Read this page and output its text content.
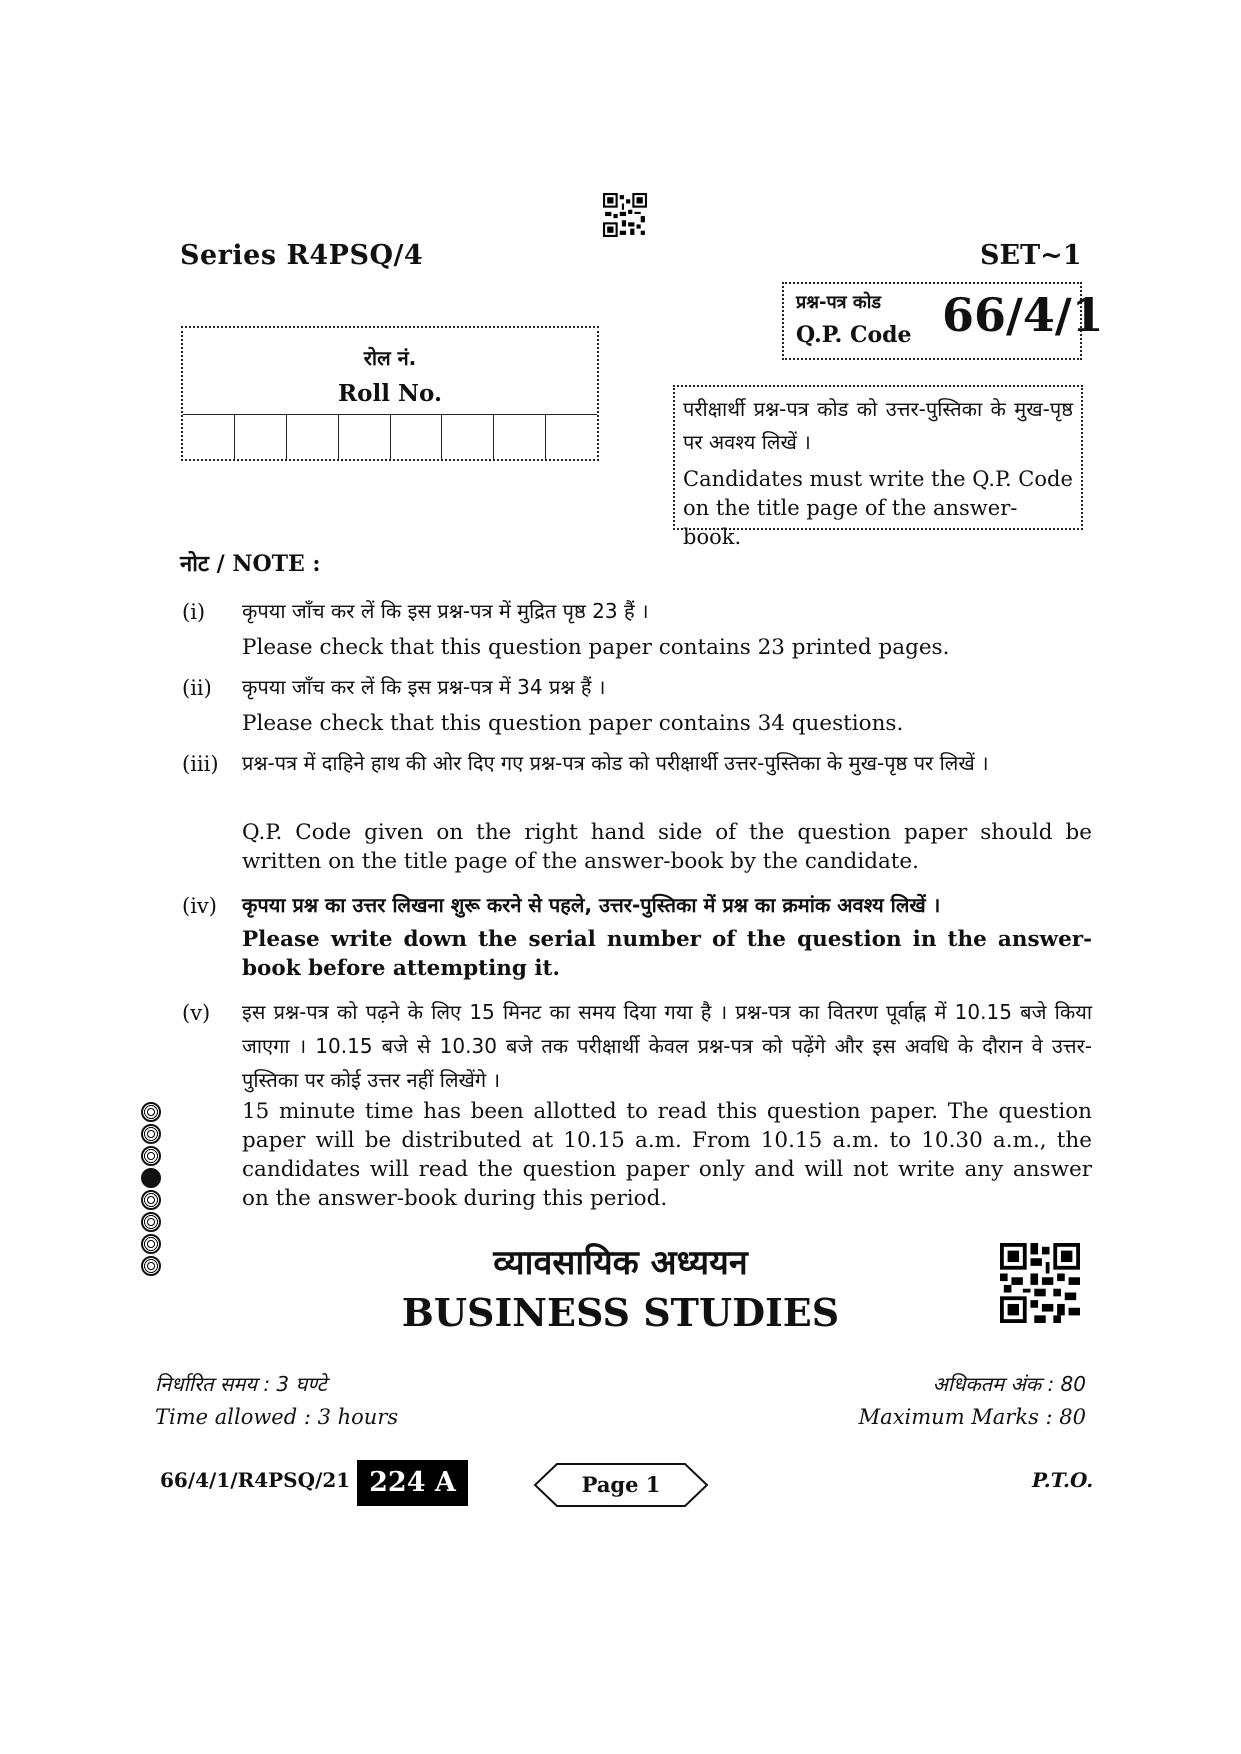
Series R4PSQ/4	SET~1
प्रश्न-पत्र कोड
Q.P. Code 66/4/1
रोल नं.
Roll No.
परीक्षार्थी प्रश्न-पत्र कोड को उत्तर-पुस्तिका के मुख-पृष्ठ पर अवश्य लिखें ।
Candidates must write the Q.P. Code on the title page of the answer-book.
नोट / NOTE :
(i) कृपया जाँच कर लें कि इस प्रश्न-पत्र में मुद्रित पृष्ठ 23 हैं ।
Please check that this question paper contains 23 printed pages.
(ii) कृपया जाँच कर लें कि इस प्रश्न-पत्र में 34 प्रश्न हैं ।
Please check that this question paper contains 34 questions.
(iii) प्रश्न-पत्र में दाहिने हाथ की ओर दिए गए प्रश्न-पत्र कोड को परीक्षार्थी उत्तर-पुस्तिका के मुख-पृष्ठ पर लिखें ।
Q.P. Code given on the right hand side of the question paper should be written on the title page of the answer-book by the candidate.
(iv) कृपया प्रश्न का उत्तर लिखना शुरू करने से पहले, उत्तर-पुस्तिका में प्रश्न का क्रमांक अवश्य लिखें ।
Please write down the serial number of the question in the answer-book before attempting it.
(v) इस प्रश्न-पत्र को पढ़ने के लिए 15 मिनट का समय दिया गया है । प्रश्न-पत्र का वितरण पूर्वाह्न में 10.15 बजे किया जाएगा । 10.15 बजे से 10.30 बजे तक परीक्षार्थी केवल प्रश्न-पत्र को पढ़ेंगे और इस अवधि के दौरान वे उत्तर-पुस्तिका पर कोई उत्तर नहीं लिखेंगे ।
15 minute time has been allotted to read this question paper. The question paper will be distributed at 10.15 a.m. From 10.15 a.m. to 10.30 a.m., the candidates will read the question paper only and will not write any answer on the answer-book during this period.
व्यावसायिक अध्ययन
BUSINESS STUDIES
निर्धारित समय : 3 घण्टे
Time allowed : 3 hours
अधिकतम अंक : 80
Maximum Marks : 80
66/4/1/R4PSQ/21 224 A	Page 1	P.T.O.
